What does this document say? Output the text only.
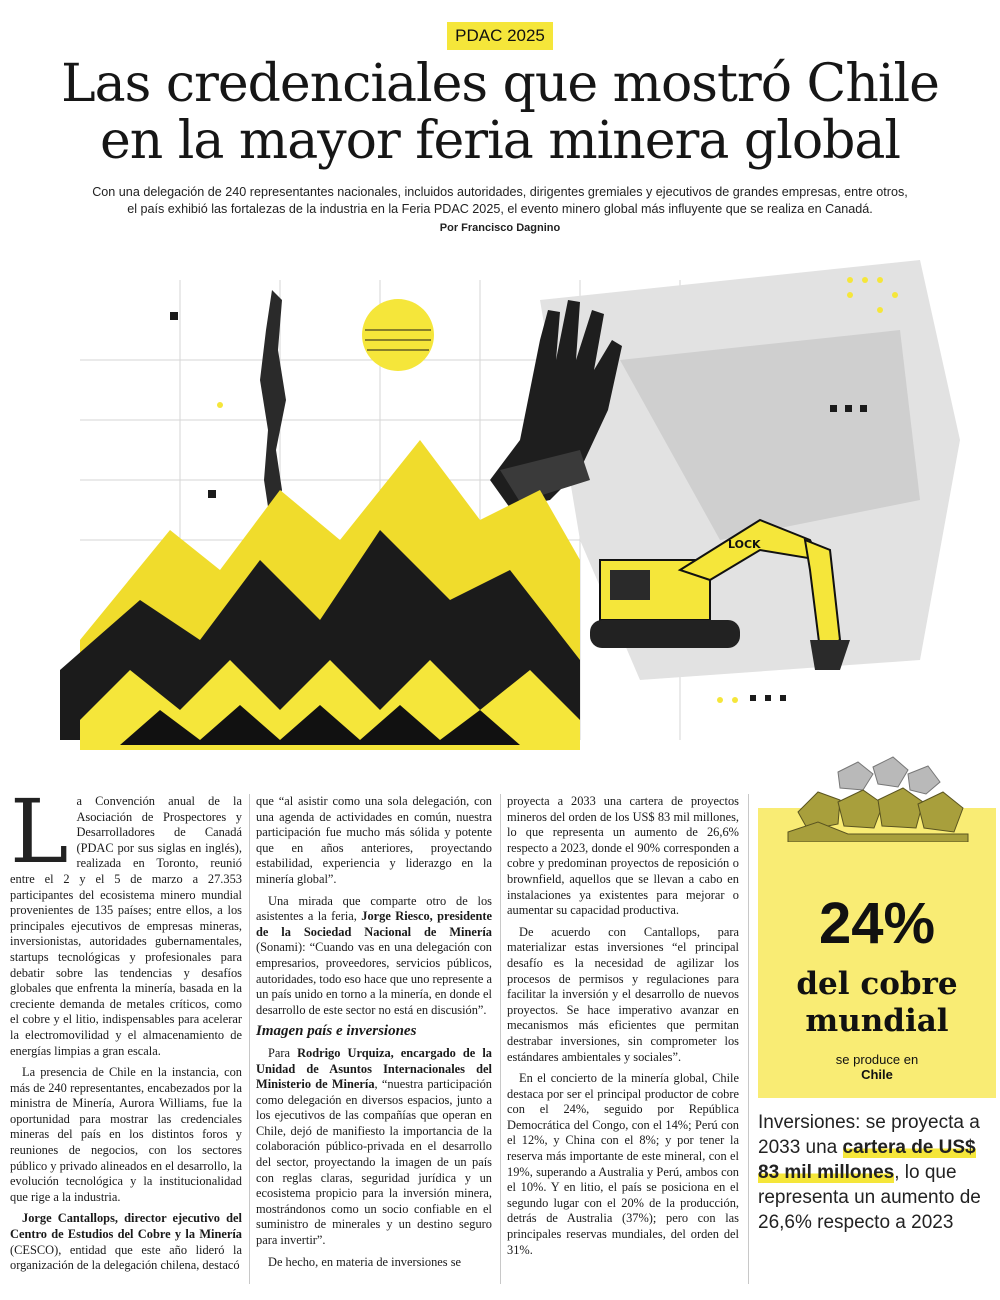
PDAC 2025
Las credenciales que mostró Chile
en la mayor feria minera global
Con una delegación de 240 representantes nacionales, incluidos autoridades, dirigentes gremiales y ejecutivos de grandes empresas, entre otros,
el país exhibió las fortalezas de la industria en la Feria PDAC 2025, el evento minero global más influyente que se realiza en Canadá.
Por Francisco Dagnino
LOCK

La Convención anual de la Asociación de Prospectores y Desarrolladores de Canadá (PDAC por sus siglas en inglés), realizada en Toronto, reunió entre el 2 y el 5 de marzo a 27.353 participantes del ecosistema minero mundial provenientes de 135 países; entre ellos, a los principales ejecutivos de empresas mineras, inversionistas, autoridades gubernamentales, startups tecnológicas y profesionales para debatir sobre las tendencias y desafíos globales que enfrenta la minería, basada en la creciente demanda de metales críticos, como el cobre y el litio, indispensables para acelerar la electromovilidad y el almacenamiento de energías limpias a gran escala.

La presencia de Chile en la instancia, con más de 240 representantes, encabezados por la ministra de Minería, Aurora Williams, fue la oportunidad para mostrar las credenciales mineras del país en los distintos foros y reuniones de negocios, con los sectores público y privado alineados en el desarrollo, la evolución tecnológica y la institucionalidad que rige a la industria.

Jorge Cantallops, director ejecutivo del Centro de Estudios del Cobre y la Minería (CESCO), entidad que este año lideró la organización de la delegación chilena, destacó

que “al asistir como una sola delegación, con una agenda de actividades en común, nuestra participación fue mucho más sólida y potente que en años anteriores, proyectando estabilidad, experiencia y liderazgo en la minería global”.

Una mirada que comparte otro de los asistentes a la feria, Jorge Riesco, presidente de la Sociedad Nacional de Minería (Sonami): “Cuando vas en una delegación con empresarios, proveedores, servicios públicos, autoridades, todo eso hace que uno represente a un país unido en torno a la minería, en donde el desarrollo de este sector no está en discusión”.

Imagen país e inversiones

Para Rodrigo Urquiza, encargado de la Unidad de Asuntos Internacionales del Ministerio de Minería, “nuestra participación como delegación en diversos espacios, junto a los ejecutivos de las compañías que operan en Chile, dejó de manifiesto la importancia de la colaboración público-privada en el desarrollo del sector, proyectando la imagen de un país con reglas claras, seguridad jurídica y un ecosistema propicio para la inversión minera, mostrándonos como un socio confiable en el suministro de minerales y un destino seguro para invertir”.

De hecho, en materia de inversiones se

proyecta a 2033 una cartera de proyectos mineros del orden de los US$ 83 mil millones, lo que representa un aumento de 26,6% respecto a 2023, donde el 90% corresponden a cobre y predominan proyectos de reposición o brownfield, aquellos que se llevan a cabo en instalaciones ya existentes para mejorar o aumentar su capacidad productiva.

De acuerdo con Cantallops, para materializar estas inversiones “el principal desafío es la necesidad de agilizar los procesos de permisos y regulaciones para facilitar la inversión y el desarrollo de nuevos proyectos. Se hace imperativo avanzar en mecanismos más eficientes que permitan destrabar inversiones, sin comprometer los estándares ambientales y sociales”.

En el concierto de la minería global, Chile destaca por ser el principal productor de cobre con el 24%, seguido por República Democrática del Congo, con el 14%; Perú con el 12%, y China con el 8%; y por tener la reserva más importante de este mineral, con el 19%, superando a Australia y Perú, ambos con el 10%. Y en litio, el país se posiciona en el segundo lugar con el 20% de la producción, detrás de Australia (37%); pero con las principales reservas mundiales, del orden del 31%.

24%
del cobre
mundial
se produce en
Chile
Inversiones: se proyecta a 2033 una cartera de US$ 83 mil millones, lo que representa un aumento de 26,6% respecto a 2023
